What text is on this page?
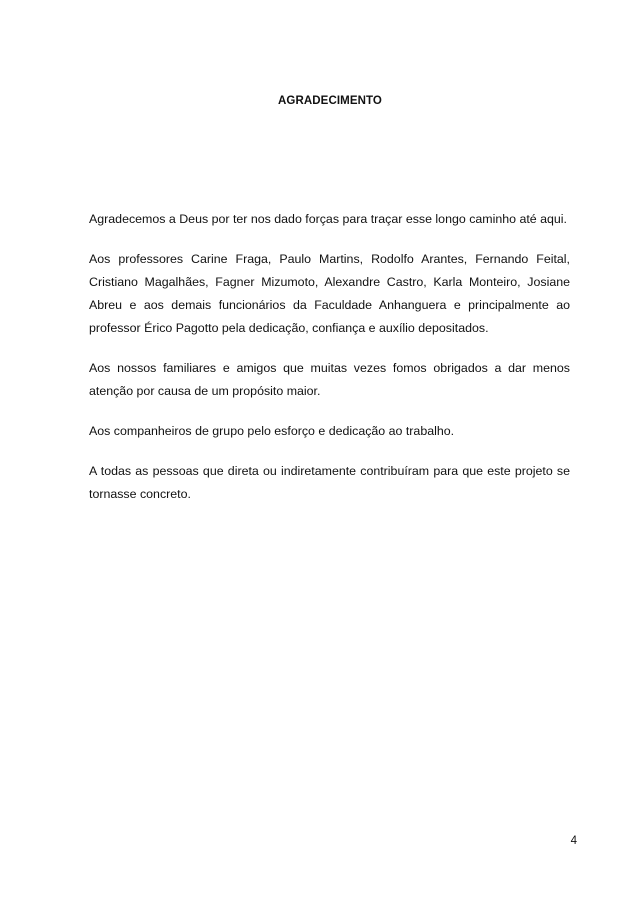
AGRADECIMENTO

Agradecemos a Deus por ter nos dado forças para traçar esse longo caminho até aqui.

Aos professores Carine Fraga, Paulo Martins, Rodolfo Arantes, Fernando Feital, Cristiano Magalhães, Fagner Mizumoto, Alexandre Castro, Karla Monteiro, Josiane Abreu e aos demais funcionários da Faculdade Anhanguera e principalmente ao professor Érico Pagotto pela dedicação, confiança e auxílio depositados.

Aos nossos familiares e amigos que muitas vezes fomos obrigados a dar menos atenção por causa de um propósito maior.

Aos companheiros de grupo pelo esforço e dedicação ao trabalho.

A todas as pessoas que direta ou indiretamente contribuíram para que este projeto se tornasse concreto.

4
